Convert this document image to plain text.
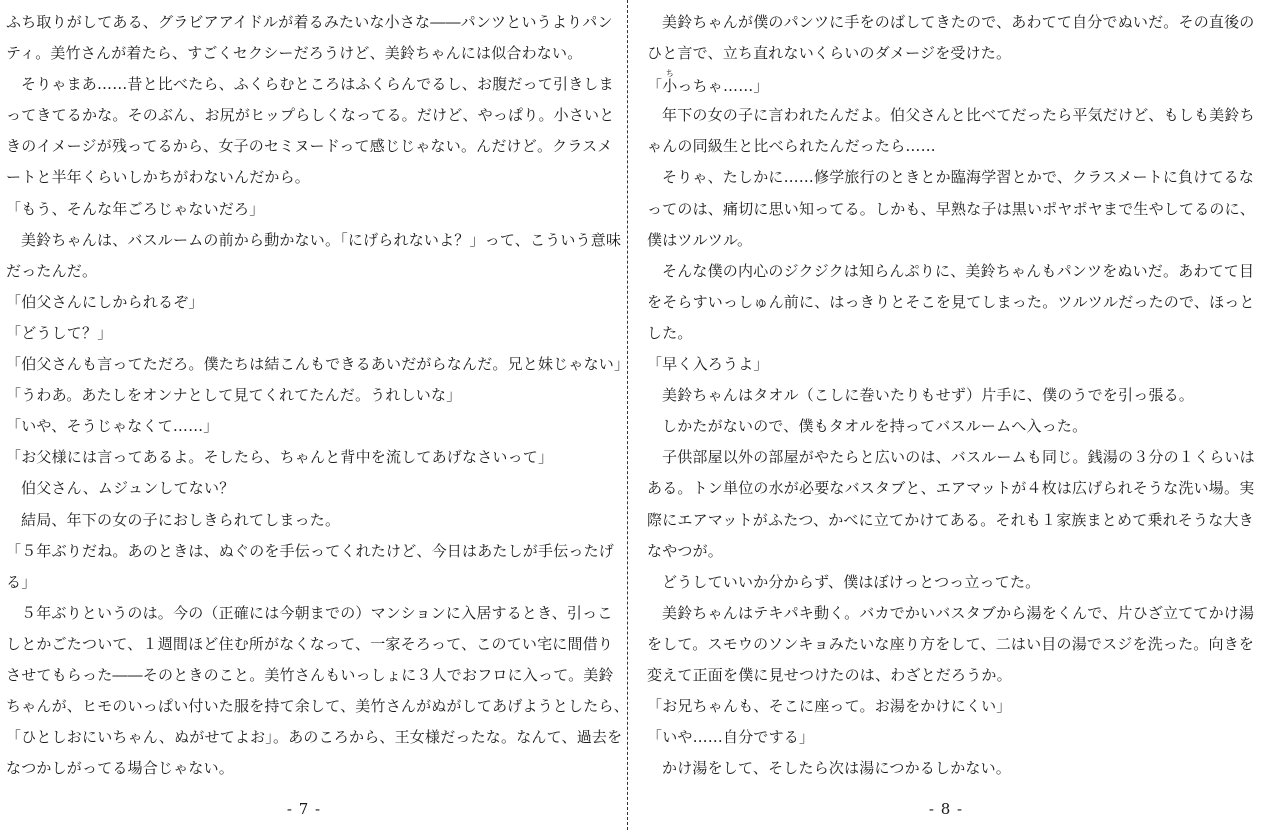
ふち取りがしてある、グラビアアイドルが着るみたいな小さな――パンツというよりパン
ティ。美竹さんが着たら、すごくセクシーだろうけど、美鈴ちゃんには似合わない。
そりゃまあ……昔と比べたら、ふくらむところはふくらんでるし、お腹だって引きしま
ってきてるかな。そのぶん、お尻がヒップらしくなってる。だけど、やっぱり。小さいと
きのイメージが残ってるから、女子のセミヌードって感じじゃない。んだけど。クラスメ
ートと半年くらいしかちがわないんだから。
「もう、そんな年ごろじゃないだろ」
美鈴ちゃんは、バスルームの前から動かない。「にげられないよ？」って、こういう意味
だったんだ。
「伯父さんにしかられるぞ」
「どうして？」
「伯父さんも言ってただろ。僕たちは結こんもできるあいだがらなんだ。兄と妹じゃない」
「うわあ。あたしをオンナとして見てくれてたんだ。うれしいな」
「いや、そうじゃなくて……」
「お父様には言ってあるよ。そしたら、ちゃんと背中を流してあげなさいって」
伯父さん、ムジュンしてない？
結局、年下の女の子におしきられてしまった。
「５年ぶりだね。あのときは、ぬぐのを手伝ってくれたけど、今日はあたしが手伝ったげ
る」
５年ぶりというのは。今の（正確には今朝までの）マンションに入居するとき、引っこ
しとかごたついて、１週間ほど住む所がなくなって、一家そろって、このてい宅に間借り
させてもらった――そのときのこと。美竹さんもいっしょに３人でおフロに入って。美鈴
ちゃんが、ヒモのいっぱい付いた服を持て余して、美竹さんがぬがしてあげようとしたら、
「ひとしおにいちゃん、ぬがせてよお」。あのころから、王女様だったな。なんて、過去を
なつかしがってる場合じゃない。
- 7 -
美鈴ちゃんが僕のパンツに手をのばしてきたので、あわてて自分でぬいだ。その直後の
ひと言で、立ち直れないくらいのダメージを受けた。
「小ちっちゃ……」
年下の女の子に言われたんだよ。伯父さんと比べてだったら平気だけど、もしも美鈴ち
ゃんの同級生と比べられたんだったら……
そりゃ、たしかに……修学旅行のときとか臨海学習とかで、クラスメートに負けてるな
ってのは、痛切に思い知ってる。しかも、早熟な子は黒いポヤポヤまで生やしてるのに、
僕はツルツル。
そんな僕の内心のジクジクは知らんぷりに、美鈴ちゃんもパンツをぬいだ。あわてて目
をそらすいっしゅん前に、はっきりとそこを見てしまった。ツルツルだったので、ほっと
した。
「早く入ろうよ」
美鈴ちゃんはタオル（こしに巻いたりもせず）片手に、僕のうでを引っ張る。
しかたがないので、僕もタオルを持ってバスルームへ入った。
子供部屋以外の部屋がやたらと広いのは、バスルームも同じ。銭湯の３分の１くらいは
ある。トン単位の水が必要なバスタブと、エアマットが４枚は広げられそうな洗い場。実
際にエアマットがふたつ、かべに立てかけてある。それも１家族まとめて乗れそうな大き
なやつが。
どうしていいか分からず、僕はぼけっとつっ立ってた。
美鈴ちゃんはテキパキ動く。バカでかいバスタブから湯をくんで、片ひざ立ててかけ湯
をして。スモウのソンキョみたいな座り方をして、二はい目の湯でスジを洗った。向きを
変えて正面を僕に見せつけたのは、わざとだろうか。
「お兄ちゃんも、そこに座って。お湯をかけにくい」
「いや……自分でする」
かけ湯をして、そしたら次は湯につかるしかない。
- 8 -
